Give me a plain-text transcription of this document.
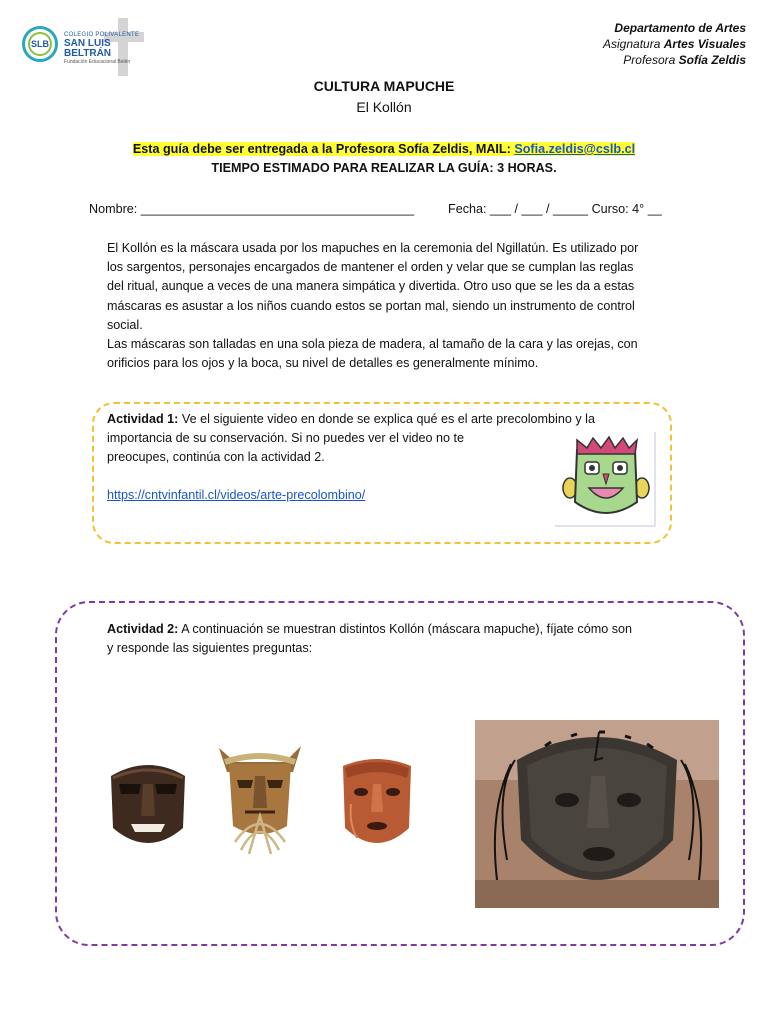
SLB
COLEGIO POLIVALENTE
SAN LUIS BELTRÁN
Fundación Educacional Belén
Departamento de Artes
Asignatura Artes Visuales
Profesora Sofía Zeldis
CULTURA MAPUCHE
El Kollón
Esta guía debe ser entregada a la Profesora Sofía Zeldis, MAIL: Sofia.zeldis@cslb.cl
TIEMPO ESTIMADO PARA REALIZAR LA GUÍA: 3 HORAS.
Nombre: _______________________________________	Fecha: ___ / ___ / _____ Curso: 4° __
El Kollón es la máscara usada por los mapuches en la ceremonia del Ngillatún. Es utilizado por
los sargentos, personajes encargados de mantener el orden y velar que se cumplan las reglas
del ritual, aunque a veces de una manera simpática y divertida. Otro uso que se les da a estas
máscaras es asustar a los niños cuando estos se portan mal, siendo un instrumento de control
social.
Las máscaras son talladas en una sola pieza de madera, al tamaño de la cara y las orejas, con
orificios para los ojos y la boca, su nivel de detalles es generalmente mínimo.
Actividad 1: Ve el siguiente video en donde se explica qué es el arte precolombino y la
importancia de su conservación. Si no puedes ver el video no te
preocupes, continúa con la actividad 2.
https://cntvinfantil.cl/videos/arte-precolombino/
Actividad 2: A continuación se muestran distintos Kollón (máscara mapuche), fíjate cómo son
y responde las siguientes preguntas:
